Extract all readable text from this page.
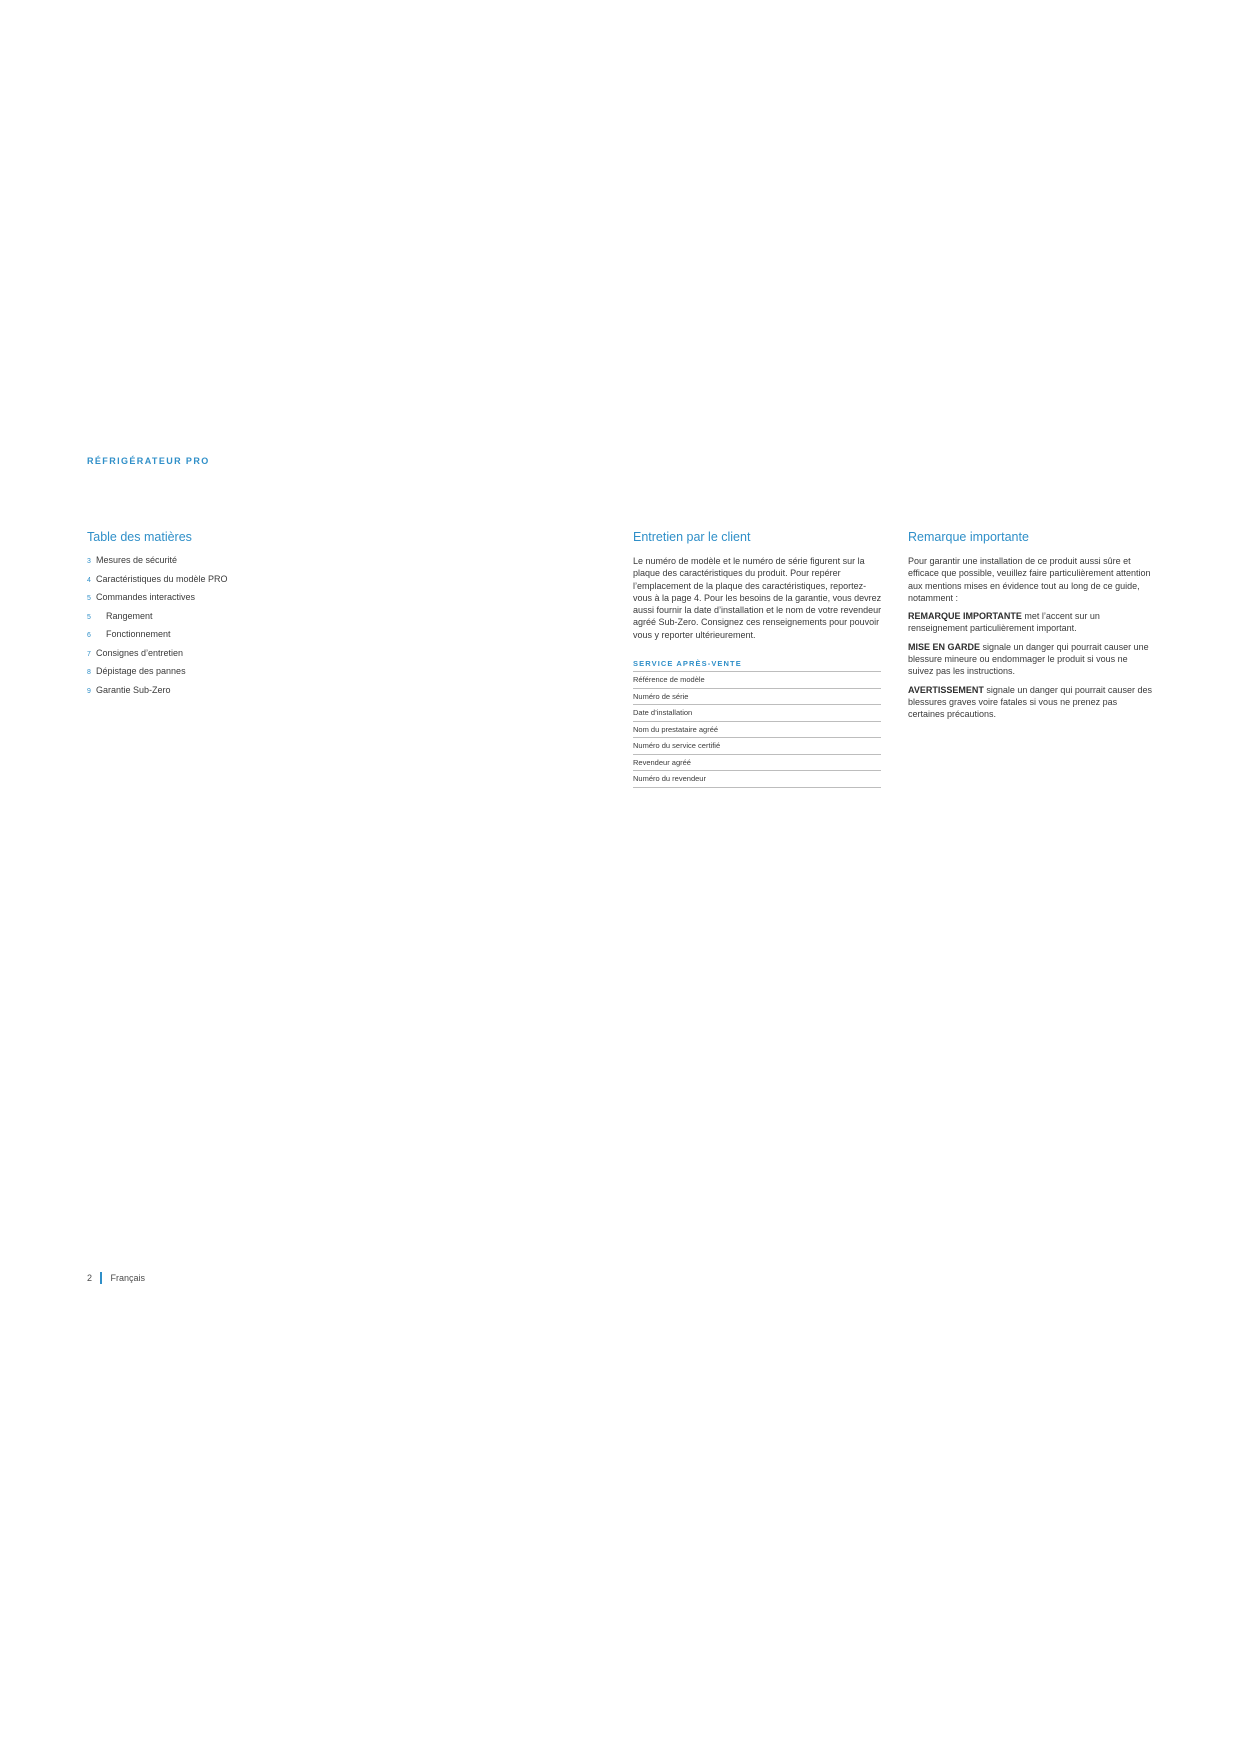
RÉFRIGÉRATEUR PRO
Table des matières
3 Mesures de sécurité
4 Caractéristiques du modèle PRO
5 Commandes interactives
5	Rangement
6	Fonctionnement
7 Consignes d’entretien
8 Dépistage des pannes
9 Garantie Sub-Zero
Entretien par le client

Le numéro de modèle et le numéro de série figurent sur la plaque des caractéristiques du produit. Pour repérer l’emplacement de la plaque des caractéristiques, reportez-vous à la page 4. Pour les besoins de la garantie, vous devrez aussi fournir la date d’installation et le nom de votre revendeur agréé Sub-Zero. Consignez ces renseignements pour pouvoir vous y reporter ultérieurement.

SERVICE APRÈS-VENTE
Référence de modèle
Numéro de série
Date d’installation
Nom du prestataire agréé
Numéro du service certifié
Revendeur agréé
Numéro du revendeur
Remarque importante

Pour garantir une installation de ce produit aussi sûre et efficace que possible, veuillez faire particulièrement attention aux mentions mises en évidence tout au long de ce guide, notamment :

REMARQUE IMPORTANTE met l’accent sur un renseignement particulièrement important.

MISE EN GARDE signale un danger qui pourrait causer une blessure mineure ou endommager le produit si vous ne suivez pas les instructions.

AVERTISSEMENT signale un danger qui pourrait causer des blessures graves voire fatales si vous ne prenez pas certaines précautions.

2 Français
